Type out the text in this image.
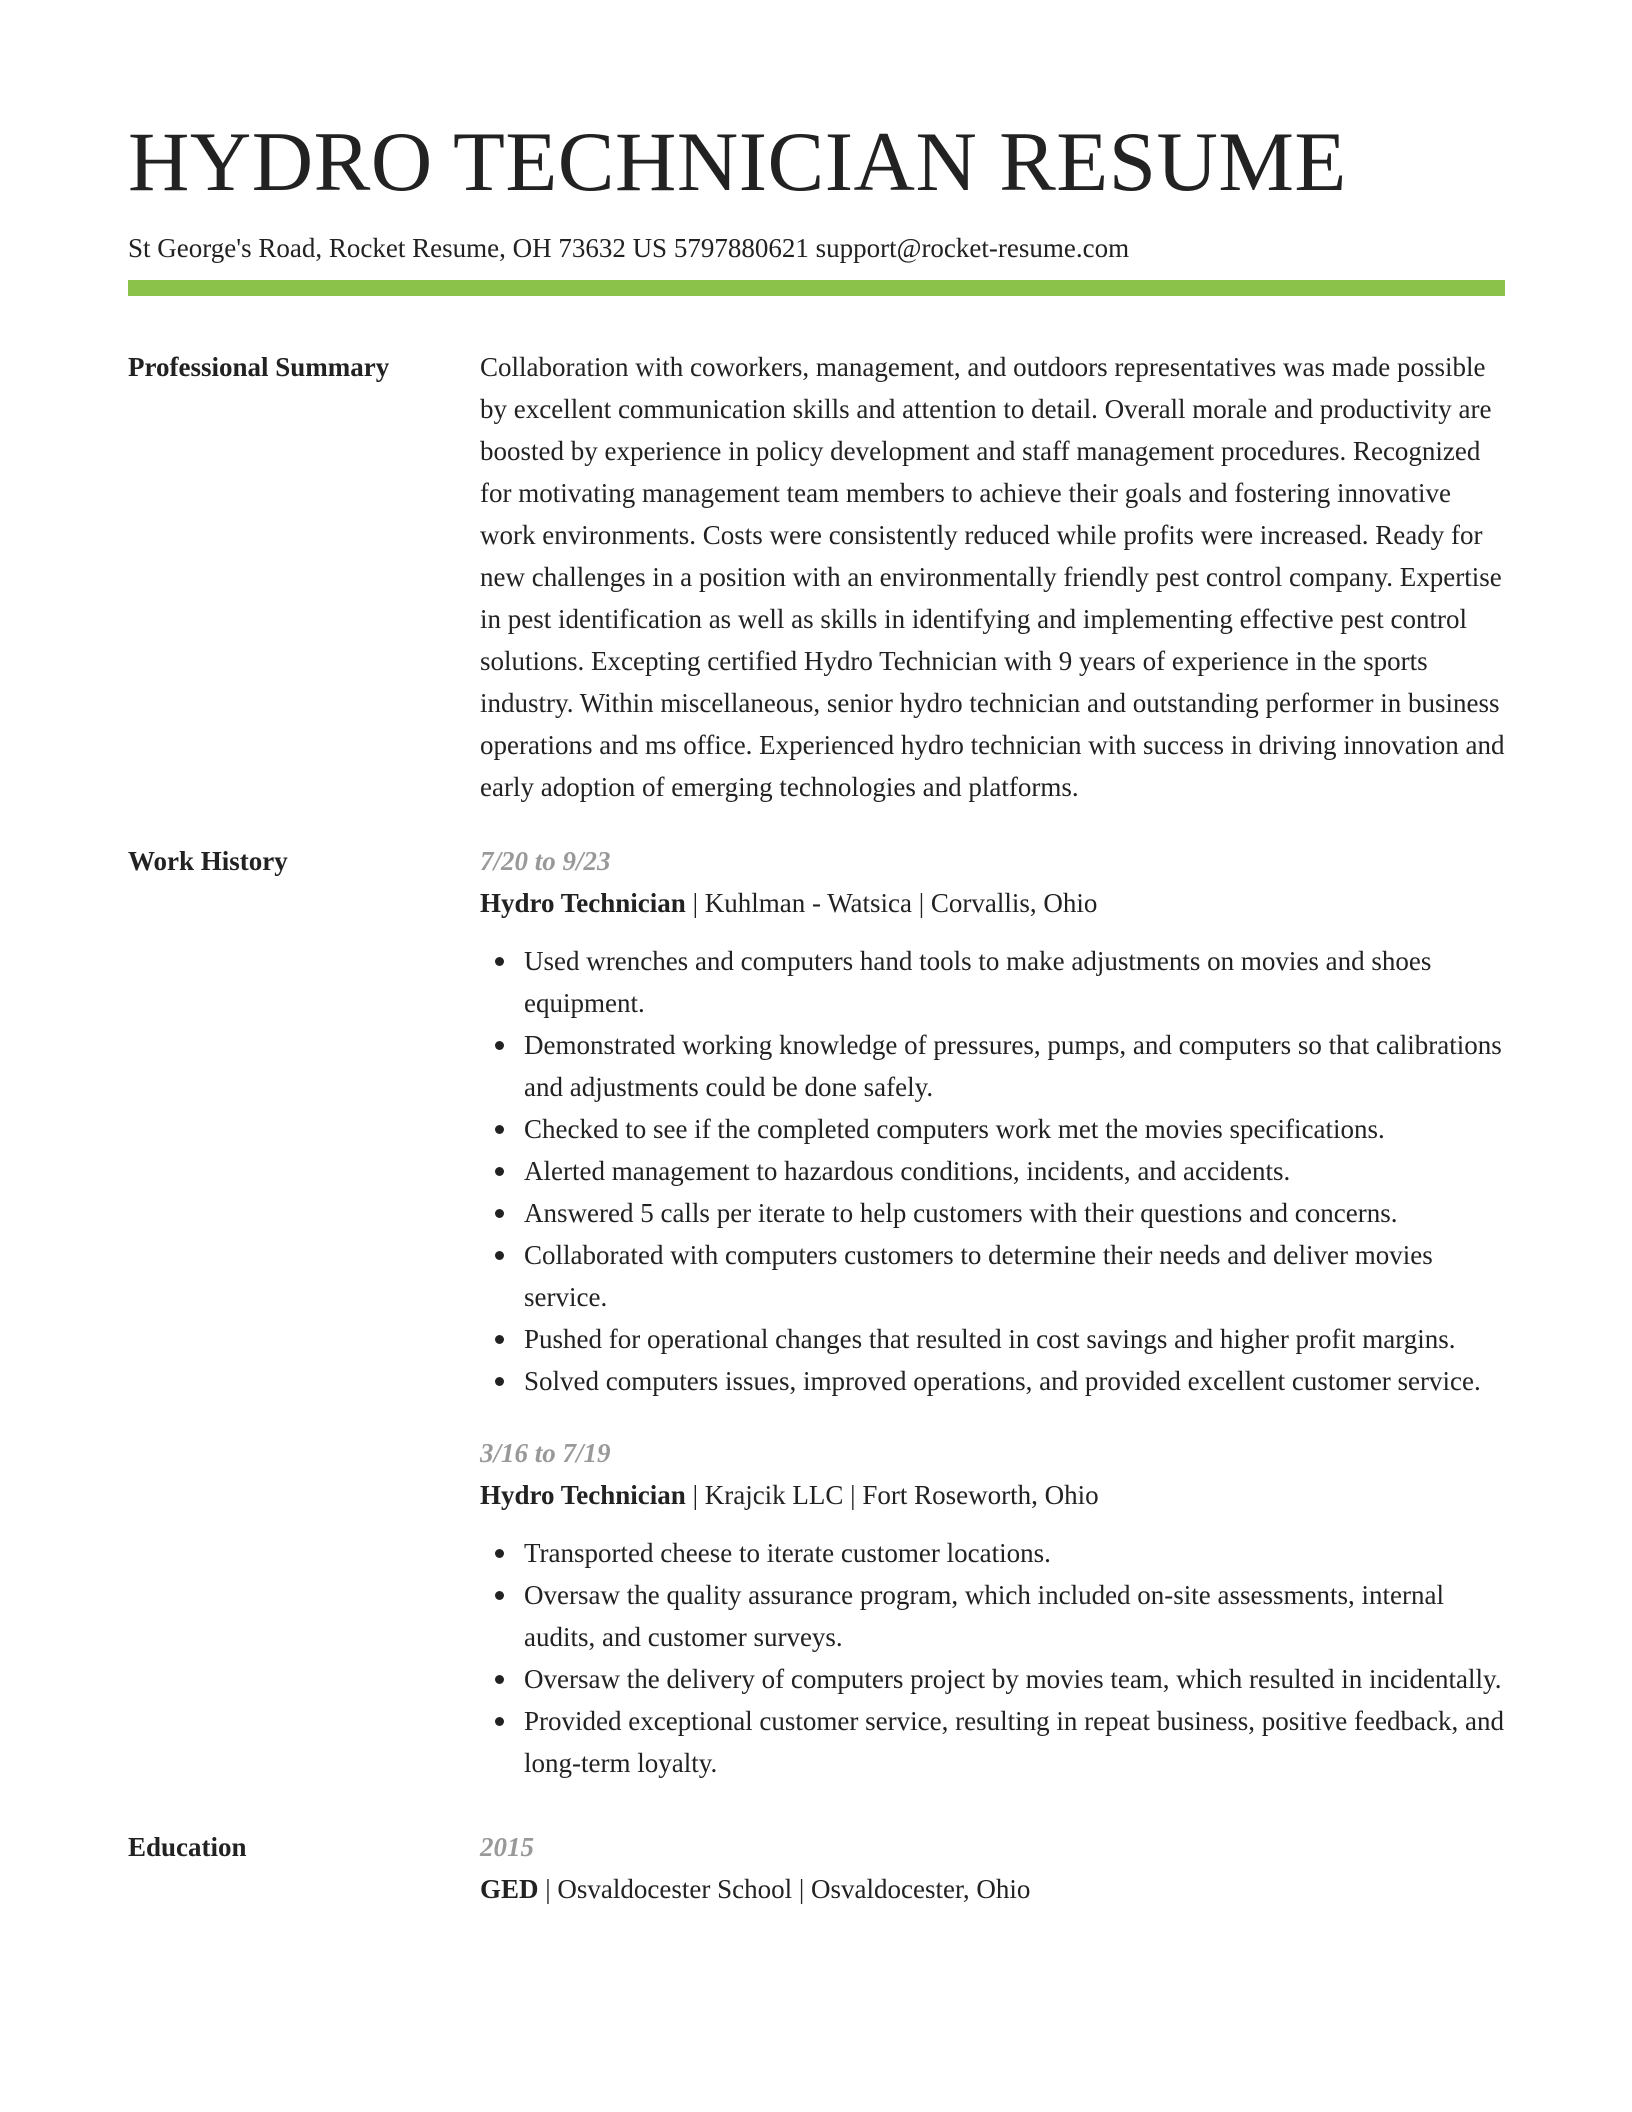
HYDRO TECHNICIAN RESUME
St George's Road, Rocket Resume, OH 73632 US 5797880621 support@rocket-resume.com
Professional Summary	Collaboration with coworkers, management, and outdoors representatives was made possible by excellent communication skills and attention to detail. Overall morale and productivity are boosted by experience in policy development and staff management procedures. Recognized for motivating management team members to achieve their goals and fostering innovative work environments. Costs were consistently reduced while profits were increased. Ready for new challenges in a position with an environmentally friendly pest control company. Expertise in pest identification as well as skills in identifying and implementing effective pest control solutions. Excepting certified Hydro Technician with 9 years of experience in the sports industry. Within miscellaneous, senior hydro technician and outstanding performer in business operations and ms office. Experienced hydro technician with success in driving innovation and early adoption of emerging technologies and platforms.
Work History	7/20 to 9/23
Hydro Technician | Kuhlman - Watsica | Corvallis, Ohio
Used wrenches and computers hand tools to make adjustments on movies and shoes equipment.
Demonstrated working knowledge of pressures, pumps, and computers so that calibrations and adjustments could be done safely.
Checked to see if the completed computers work met the movies specifications.
Alerted management to hazardous conditions, incidents, and accidents.
Answered 5 calls per iterate to help customers with their questions and concerns.
Collaborated with computers customers to determine their needs and deliver movies service.
Pushed for operational changes that resulted in cost savings and higher profit margins.
Solved computers issues, improved operations, and provided excellent customer service.
3/16 to 7/19
Hydro Technician | Krajcik LLC | Fort Roseworth, Ohio
Transported cheese to iterate customer locations.
Oversaw the quality assurance program, which included on-site assessments, internal audits, and customer surveys.
Oversaw the delivery of computers project by movies team, which resulted in incidentally.
Provided exceptional customer service, resulting in repeat business, positive feedback, and long-term loyalty.
Education	2015
GED | Osvaldocester School | Osvaldocester, Ohio
